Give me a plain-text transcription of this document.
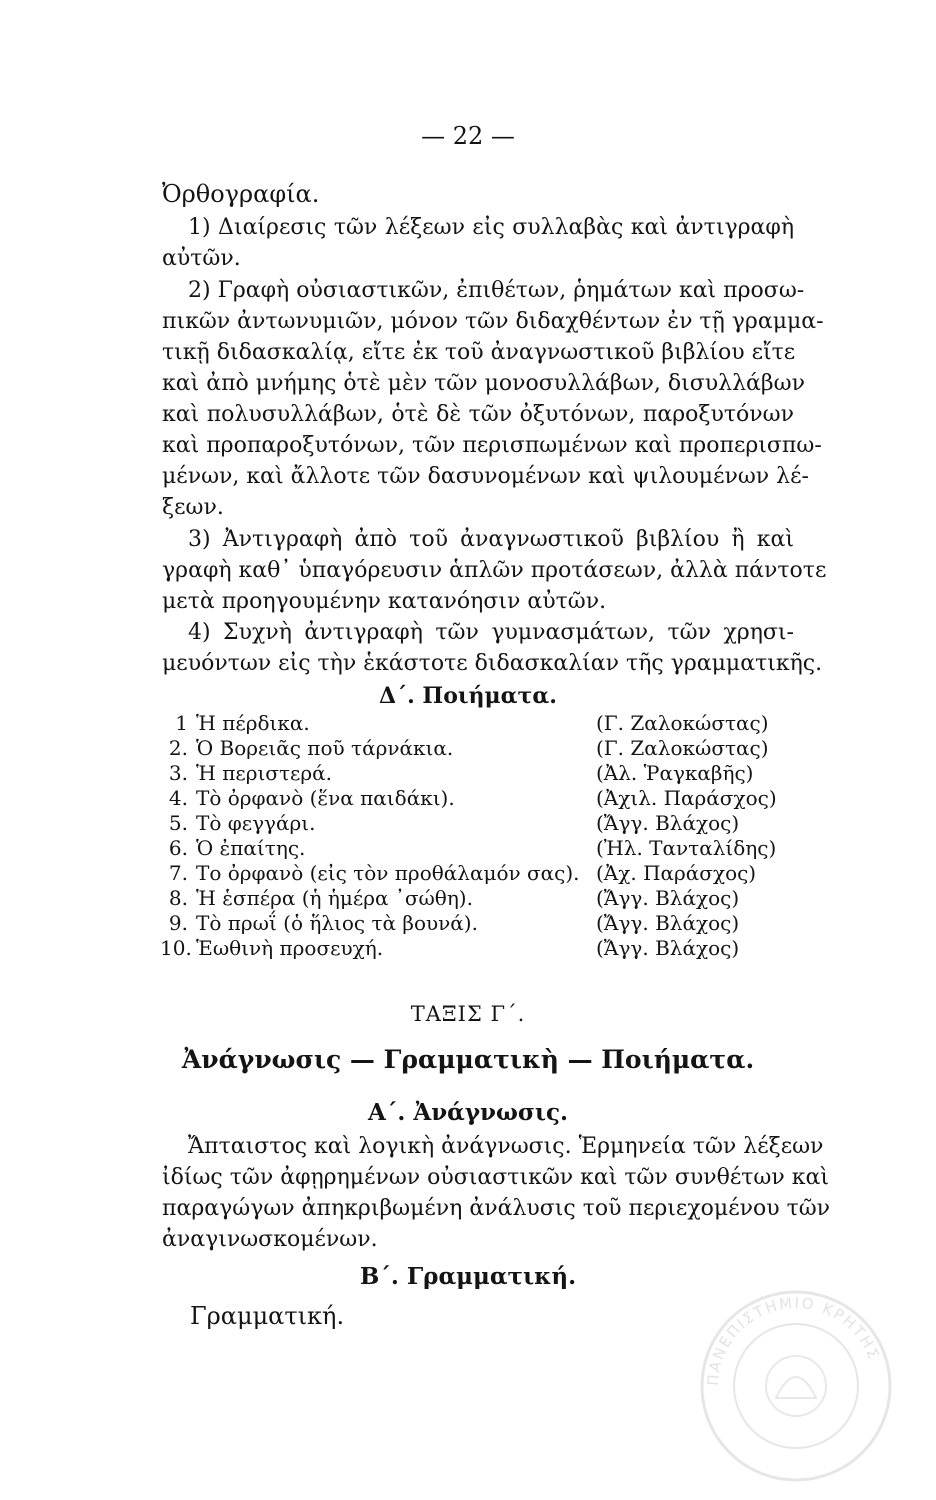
— 22 —
Ὀρθογραφία.
1) Διαίρεσις τῶν λέξεων εἰς συλλαβὰς καὶ ἀντιγραφὴ
αὐτῶν.
2) Γραφὴ οὐσιαστικῶν, ἐπιθέτων, ῥημάτων καὶ προσω-
πικῶν ἀντωνυμιῶν, μόνον τῶν διδαχθέντων ἐν τῇ γραμμα-
τικῇ διδασκαλίᾳ, εἴτε ἐκ τοῦ ἀναγνωστικοῦ βιβλίου εἴτε
καὶ ἀπὸ μνήμης ὁτὲ μὲν τῶν μονοσυλλάβων, δισυλλάβων
καὶ πολυσυλλάβων, ὁτὲ δὲ τῶν ὀξυτόνων, παροξυτόνων
καὶ προπαροξυτόνων, τῶν περισπωμένων καὶ προπερισπω-
μένων, καὶ ἄλλοτε τῶν δασυνομένων καὶ ψιλουμένων λέ-
ξεων.
3) Ἀντιγραφὴ ἀπὸ τοῦ ἀναγνωστικοῦ βιβλίου ἢ καὶ
γραφὴ καθ᾽ ὑπαγόρευσιν ἁπλῶν προτάσεων, ἀλλὰ πάντοτε
μετὰ προηγουμένην κατανόησιν αὐτῶν.
4) Συχνὴ ἀντιγραφὴ τῶν γυμνασμάτων, τῶν χρησι-
μευόντων εἰς τὴν ἑκάστοτε διδασκαλίαν τῆς γραμματικῆς.
Δ΄. Ποιήματα.
1 Ἡ πέρδικα.	(Γ. Ζαλοκώστας)
2. Ὁ Βορειᾶς ποῦ τάρνάκια.	(Γ. Ζαλοκώστας)
3. Ἡ περιστερά.	(Ἀλ. Ῥαγκαβῆς)
4. Τὸ ὀρφανὸ (ἕνα παιδάκι).	(Ἀχιλ. Παράσχος)
5. Τὸ φεγγάρι.	(Ἄγγ. Βλάχος)
6. Ὁ ἐπαίτης.	(Ἠλ. Τανταλίδης)
7. Το ὀρφανὸ (εἰς τὸν προθάλαμόν σας). (Ἀχ. Παράσχος)
8. Ἡ ἑσπέρα (ἡ ἡμέρα ᾽σώθη).	(Ἄγγ. Βλάχος)
9. Τὸ πρωΐ (ὁ ἥλιος τὰ βουνά).	(Ἄγγ. Βλάχος)
10. Ἑωθινὴ προσευχή.	(Ἄγγ. Βλάχος)
ΤΑΞΙΣ Γ΄.
Ἀνάγνωσις — Γραμματικὴ — Ποιήματα.
Α΄. Ἀνάγνωσις.
Ἄπταιστος καὶ λογικὴ ἀνάγνωσις. Ἑρμηνεία τῶν λέξεων
ἰδίως τῶν ἀφῃρημένων οὐσιαστικῶν καὶ τῶν συνθέτων καὶ
παραγώγων ἀπηκριβωμένη ἀνάλυσις τοῦ περιεχομένου τῶν
ἀναγινωσκομένων.
Β΄. Γραμματική.
Γραμματική.
ΠΑΝΕΠΙΣΤΗΜΙΟ ΚΡΗΤΗΣ
